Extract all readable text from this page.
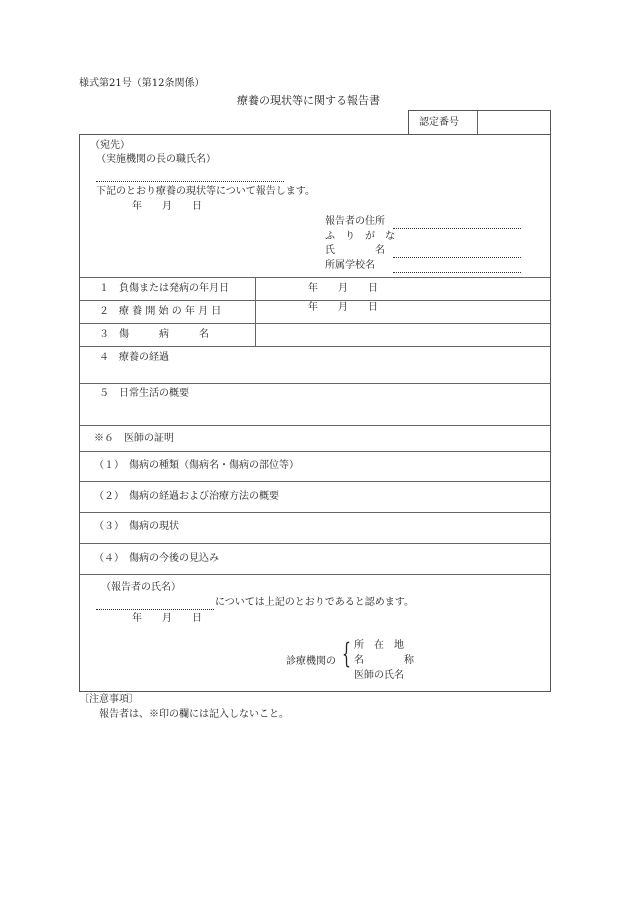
様式第21号（第12条関係）
療養の現状等に関する報告書
認定番号
（宛先）
（実施機関の長の職氏名）
下記のとおり療養の現状等について報告します。
年　　月　　日
報告者の住所
ふ　り　が　な
氏　　　　名
所属学校名
１　負傷または発病の年月日	年　　月　　日
２　療 養 開 始 の 年 月 日	年　　月　　日
３　傷　　　病　　　名
４　療養の経過
５　日常生活の概要
※６　医師の証明
（１）　傷病の種類（傷病名・傷病の部位等）
（２）　傷病の経過および治療方法の概要
（３）　傷病の現状
（４）　傷病の今後の見込み
（報告者の氏名）
については上記のとおりであると認めます。
年　　月　　日
診療機関の { 所　在　地
名　　　　称
医師の氏名
〔注意事項〕
報告者は、※印の欄には記入しないこと。
